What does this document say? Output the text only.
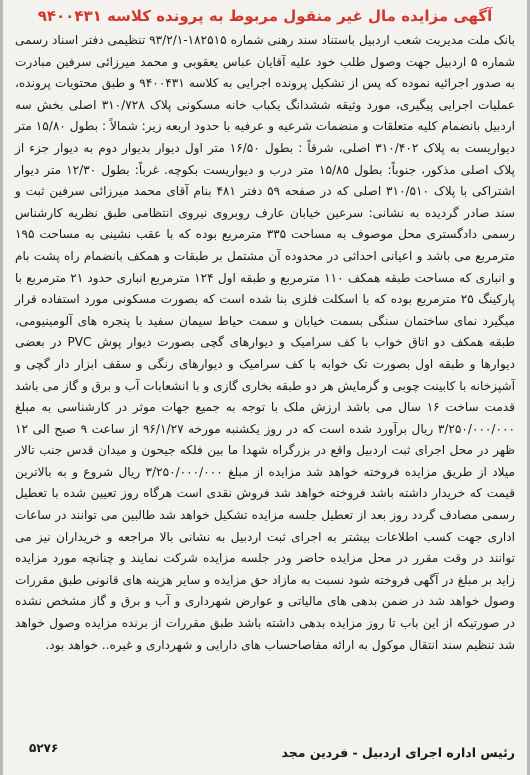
آگهی مزایده مال غیر منقول مربوط به پرونده کلاسه ۹۴۰۰۴۳۱
بانک ملت مدیریت شعب اردبیل باستناد سند رهنی شماره ۱۸۲۵۱۵-۹۳/۲/۱ تنظیمی دفتر اسناد رسمی شماره ۵ اردبیل جهت وصول طلب خود علیه آقایان عباس یعقوبی و محمد میرزائی سرفین مبادرت به صدور اجرائیه نموده که پس از تشکیل پرونده اجرایی به کلاسه ۹۴۰۰۴۳۱ و طبق محتویات پرونده، عملیات اجرایی پیگیری، مورد وثیقه ششدانگ یکباب خانه مسکونی پلاک ۳۱۰/۷۲۸ اصلی بخش سه اردبیل بانضمام کلیه متعلقات و منضمات شرعیه و عرفیه با حدود اربعه زیر: شمالاً : بطول ۱۵/۸۰ متر دیواریست به پلاک ۳۱۰/۴۰۲ اصلی، شرقاً : بطول ۱۶/۵۰ متر اول دیوار بدیوار دوم به دیوار جزء از پلاک اصلی مذکور، جنوباً: بطول ۱۵/۸۵ متر درب و دیواریست بکوچه. غرباً: بطول ۱۲/۳۰ متر دیوار اشتراکی با پلاک ۳۱۰/۵۱۰ اصلی که در صفحه ۵۹ دفتر ۴۸۱ بنام آقای محمد میرزائی سرفین ثبت و سند صادر گردیده به نشانی: سرعین خیابان عارف روبروی نیروی انتظامی طبق نظریه کارشناس رسمی دادگستری محل موصوف به مساحت ۳۳۵ مترمربع بوده که با عقب نشینی به مساحت ۱۹۵ مترمربع می باشد و اعیانی احداثی در محدوده آن مشتمل بر طبقات و همکف بانضمام راه پشت بام و انباری که مساحت طبقه همکف ۱۱۰ مترمربع و طبقه اول ۱۲۴ مترمربع انباری حدود ۲۱ مترمربع با پارکینگ ۲۵ مترمربع بوده که با اسکلت فلزی بنا شده است که بصورت مسکونی مورد استفاده قرار میگیرد نمای ساختمان سنگی بسمت خیابان و سمت حیاط سیمان سفید با پنجره های آلومینیومی، طبقه همکف دو اتاق خواب با کف سرامیک و دیوارهای گچی بصورت دیوار پوش PVC در بعضی دیوارها و طبقه اول بصورت تک خوابه با کف سرامیک و دیوارهای رنگی و سقف ابزار دار گچی و آشپزخانه با کابینت چوبی و گرمایش هر دو طبقه بخاری گازی و با انشعابات آب و برق و گاز می باشد قدمت ساخت ۱۶ سال می باشد ارزش ملک با توجه به جمیع جهات موثر در کارشناسی به مبلغ ۳/۲۵۰/۰۰۰/۰۰۰ ریال برآورد شده است که در روز یکشنبه مورخه ۹۶/۱/۲۷ از ساعت ۹ صبح الی ۱۲ ظهر در محل اجرای ثبت اردبیل واقع در بزرگراه شهدا ما بین فلکه جیحون و میدان قدس جنب تالار میلاد از طریق مزایده فروخته خواهد شد مزایده از مبلغ ۳/۲۵۰/۰۰۰/۰۰۰ ریال شروع و به بالاترین قیمت که خریدار داشته باشد فروخته خواهد شد فروش نقدی است هرگاه روز تعیین شده با تعطیل رسمی مصادف گردد روز بعد از تعطیل جلسه مزایده تشکیل خواهد شد طالبین می توانند در ساعات اداری جهت کسب اطلاعات بیشتر به اجرای ثبت اردبیل به نشانی بالا مراجعه و خریداران نیز می توانند در وقت مقرر در محل مزایده حاضر ودر جلسه مزایده شرکت نمایند و چنانچه مورد مزایده زاید بر مبلغ در آگهی فروخته شود نسبت به مازاد حق مزایده و سایر هزینه های قانونی طبق مقررات وصول خواهد شد در ضمن بدهی های مالیاتی و عوارض شهرداری و آب و برق و گاز مشخص نشده در صورتیکه از این باب تا روز مزایده بدهی داشته باشد طبق مقررات از برنده مزایده وصول خواهد شد تنظیم سند انتقال موکول به ارائه مفاصاحساب های دارایی و شهرداری و غیره.. خواهد بود.
رئیس اداره اجرای اردبیل - فردین مجد
۵۲۷۶
